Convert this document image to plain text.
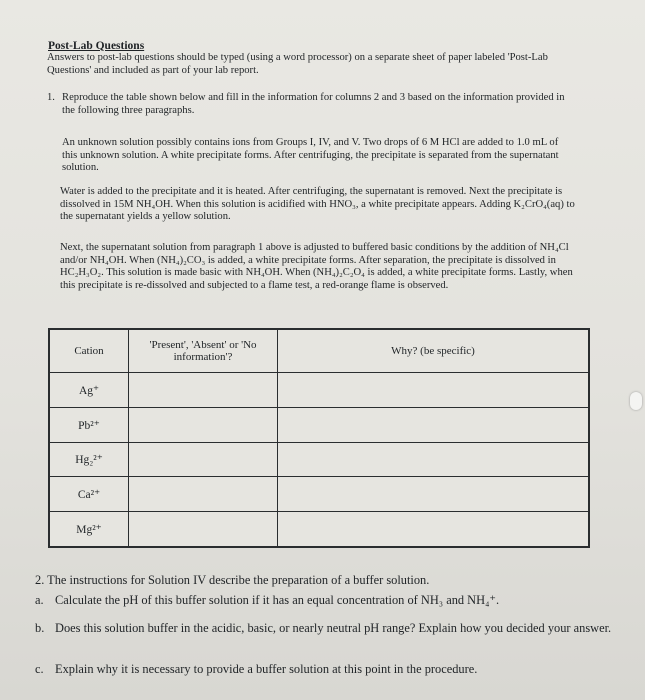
Post-Lab Questions

Answers to post-lab questions should be typed (using a word processor) on a separate sheet of paper labeled 'Post-Lab Questions' and included as part of your lab report.

1. Reproduce the table shown below and fill in the information for columns 2 and 3 based on the information provided in the following three paragraphs.

An unknown solution possibly contains ions from Groups I, IV, and V. Two drops of 6 M HCl are added to 1.0 mL of this unknown solution. A white precipitate forms. After centrifuging, the precipitate is separated from the supernatant solution.

Water is added to the precipitate and it is heated. After centrifuging, the supernatant is removed. Next the precipitate is dissolved in 15M NH₄OH. When this solution is acidified with HNO₃, a white precipitate appears. Adding K₂CrO₄(aq) to the supernatant yields a yellow solution.

Next, the supernatant solution from paragraph 1 above is adjusted to buffered basic conditions by the addition of NH₄Cl and/or NH₄OH. When (NH₄)₂CO₃ is added, a white precipitate forms. After separation, the precipitate is dissolved in HC₂H₃O₂. This solution is made basic with NH₄OH. When (NH₄)₂C₂O₄ is added, a white precipitate forms. Lastly, when this precipitate is re-dissolved and subjected to a flame test, a red-orange flame is observed.

Cation	'Present', 'Absent' or 'No information'?	Why? (be specific)
Ag⁺		
Pb²⁺		
Hg₂²⁺		
Ca²⁺		
Mg²⁺		
2. The instructions for Solution IV describe the preparation of a buffer solution.

a. Calculate the pH of this buffer solution if it has an equal concentration of NH₃ and NH₄⁺.

b. Does this solution buffer in the acidic, basic, or nearly neutral pH range? Explain how you decided your answer.

c. Explain why it is necessary to provide a buffer solution at this point in the procedure.
